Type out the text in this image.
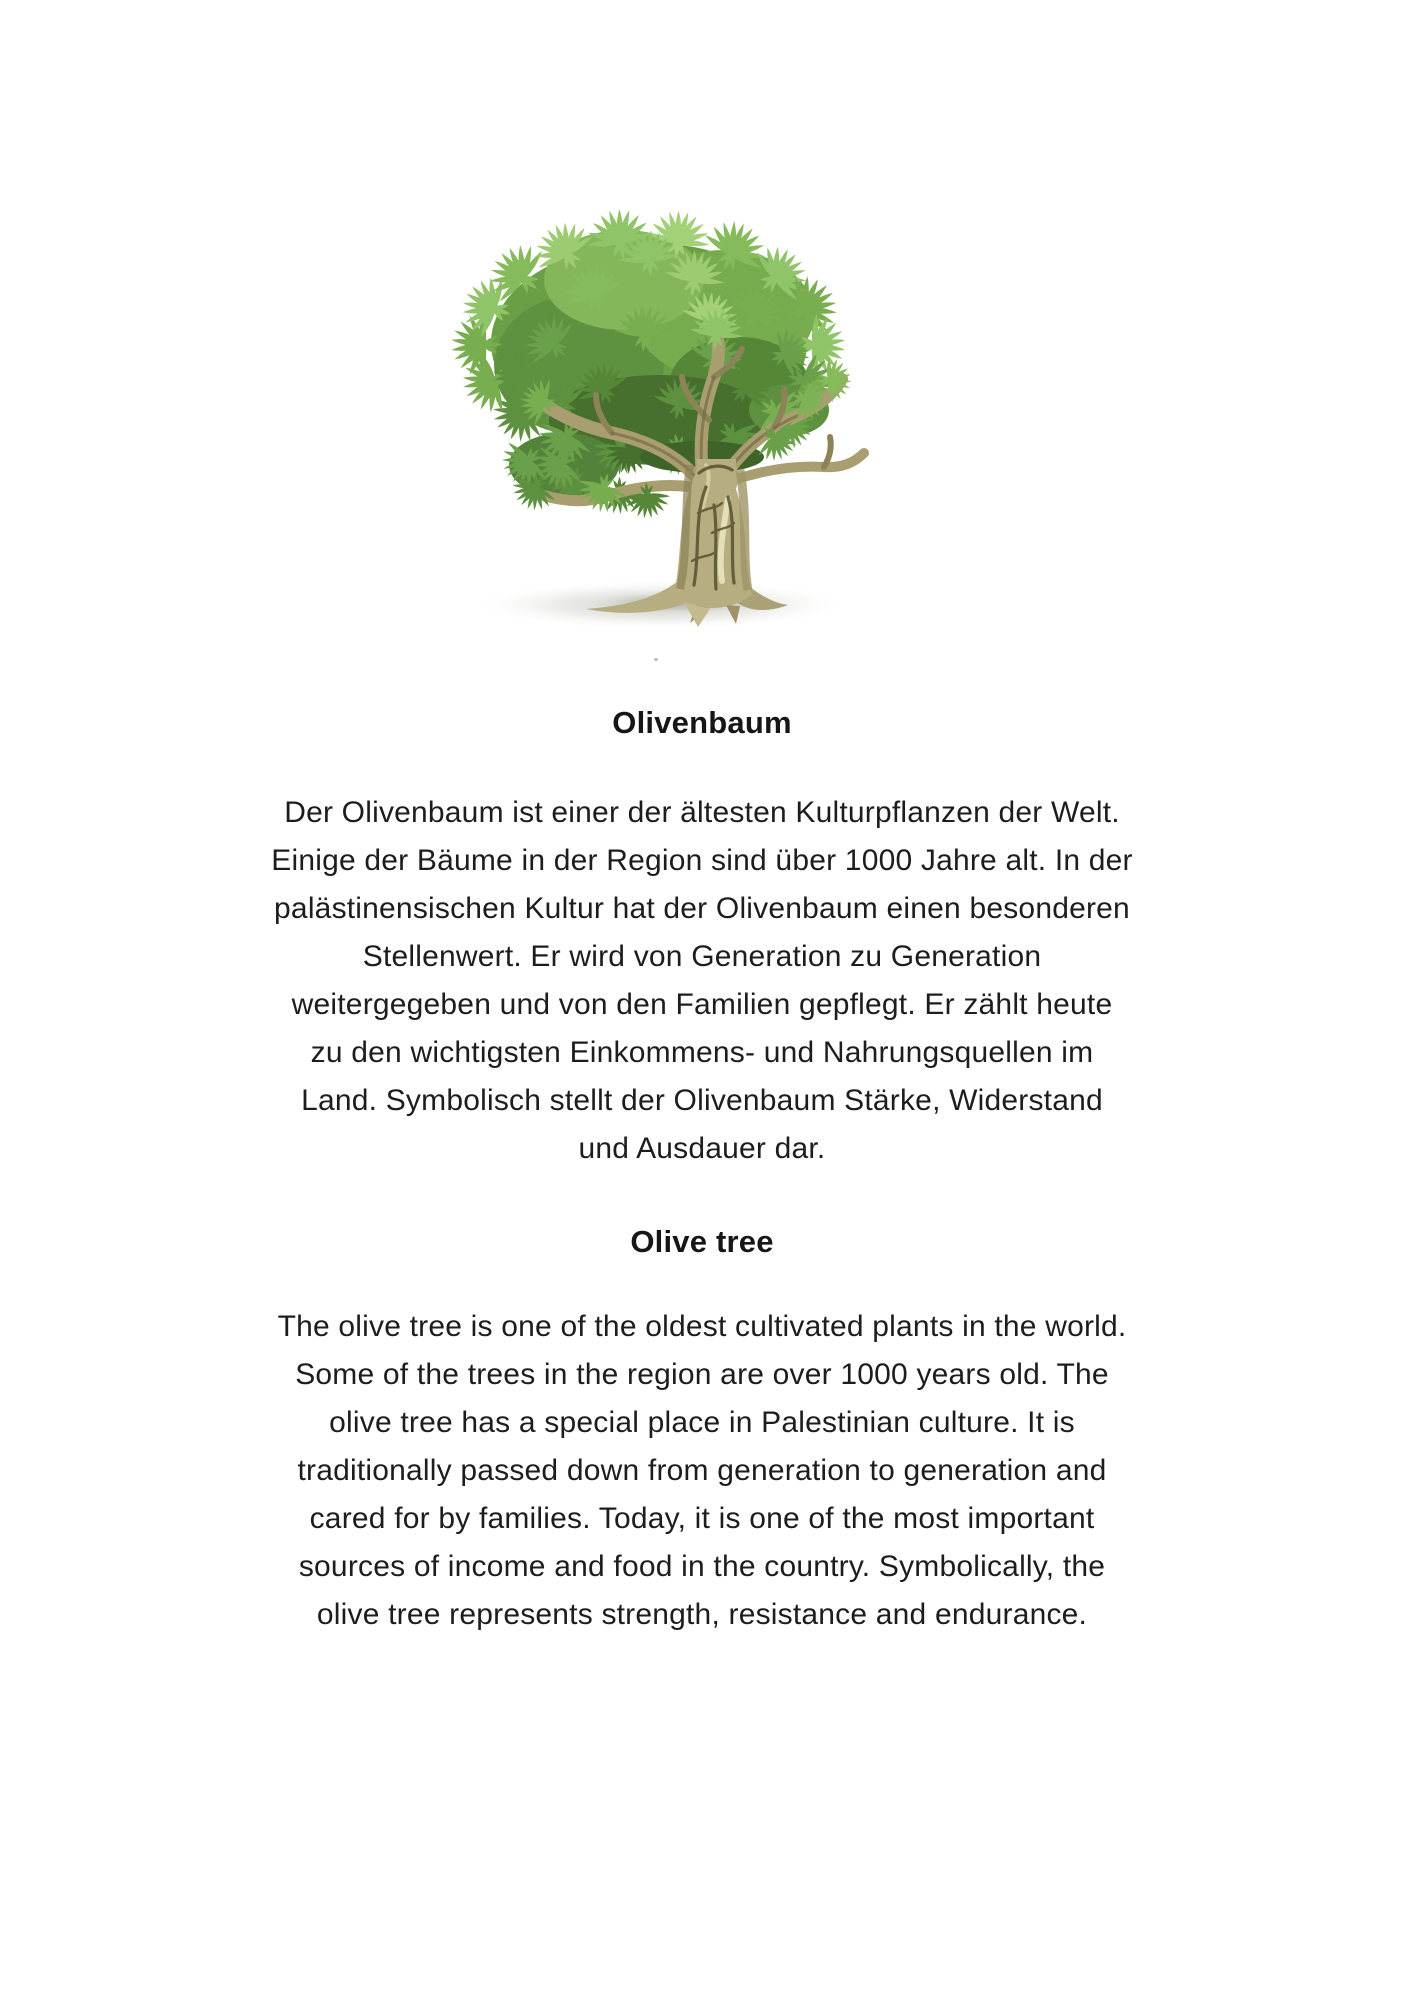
Olivenbaum
Der Olivenbaum ist einer der ältesten Kulturpflanzen der Welt.
Einige der Bäume in der Region sind über 1000 Jahre alt. In der
palästinensischen Kultur hat der Olivenbaum einen besonderen
Stellenwert. Er wird von Generation zu Generation
weitergegeben und von den Familien gepflegt. Er zählt heute
zu den wichtigsten Einkommens- und Nahrungsquellen im
Land. Symbolisch stellt der Olivenbaum Stärke, Widerstand
und Ausdauer dar.
Olive tree
The olive tree is one of the oldest cultivated plants in the world.
Some of the trees in the region are over 1000 years old. The
olive tree has a special place in Palestinian culture. It is
traditionally passed down from generation to generation and
cared for by families. Today, it is one of the most important
sources of income and food in the country. Symbolically, the
olive tree represents strength, resistance and endurance.
